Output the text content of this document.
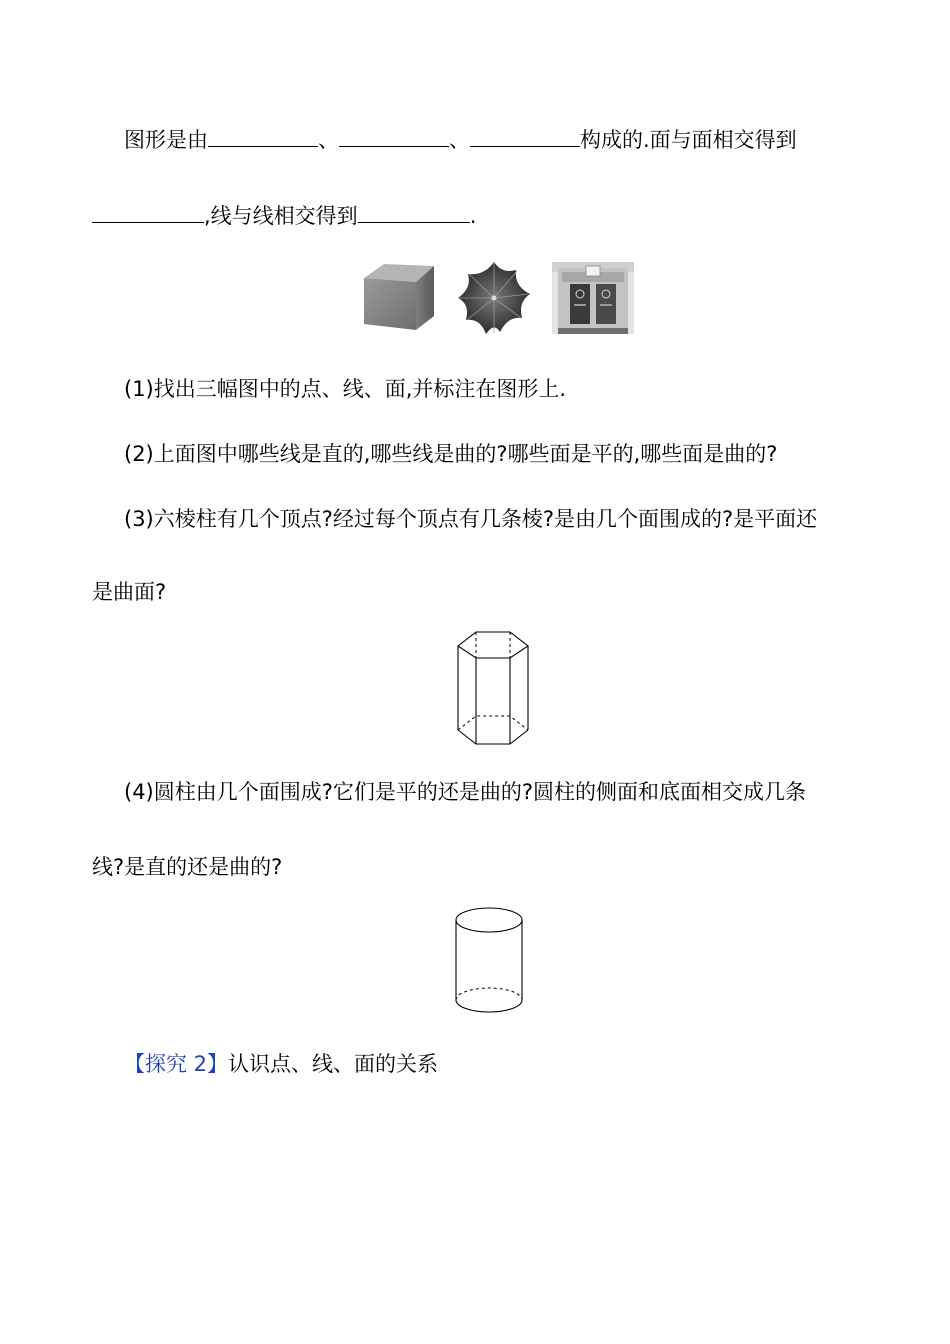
图形是由	、	、	构成的.面与面相交得到
,线与线相交得到	.
(1)找出三幅图中的点、线、面,并标注在图形上.
(2)上面图中哪些线是直的,哪些线是曲的?哪些面是平的,哪些面是曲的?
(3)六棱柱有几个顶点?经过每个顶点有几条棱?是由几个面围成的?是平面还
是曲面?
(4)圆柱由几个面围成?它们是平的还是曲的?圆柱的侧面和底面相交成几条
线?是直的还是曲的?
【探究 2】认识点、线、面的关系
